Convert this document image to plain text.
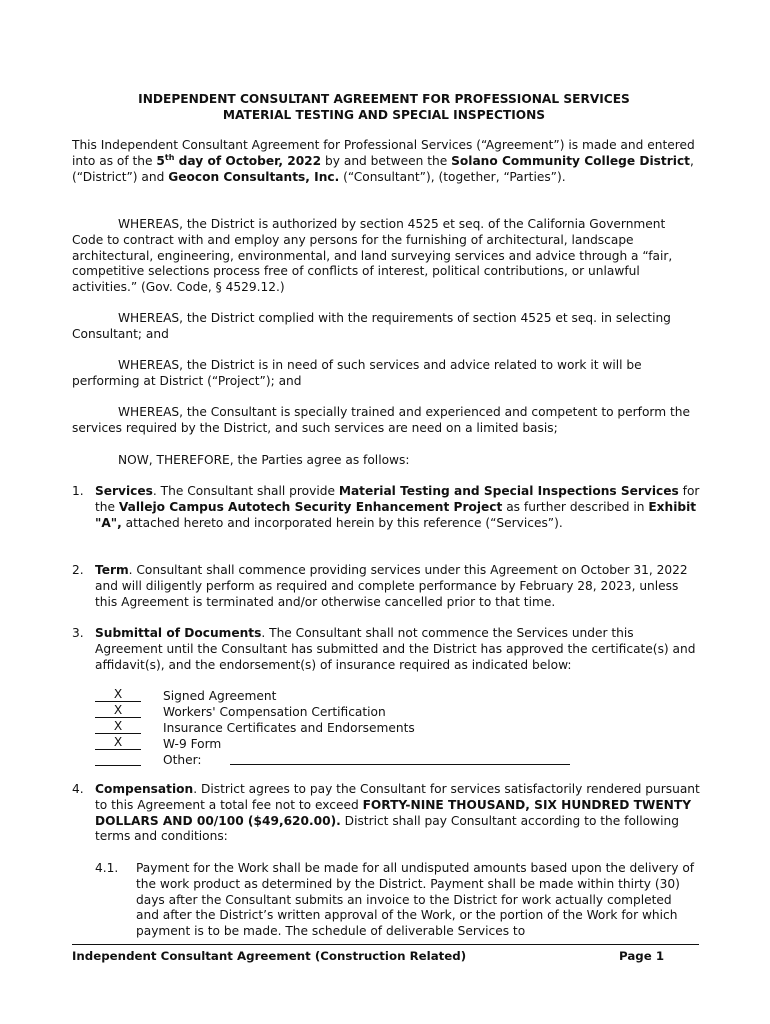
INDEPENDENT CONSULTANT AGREEMENT FOR PROFESSIONAL SERVICES
MATERIAL TESTING AND SPECIAL INSPECTIONS
This Independent Consultant Agreement for Professional Services (“Agreement”) is made and entered into as of the 5th day of October, 2022 by and between the Solano Community College District, (“District”) and Geocon Consultants, Inc. (“Consultant”), (together, “Parties”).
WHEREAS, the District is authorized by section 4525 et seq. of the California Government Code to contract with and employ any persons for the furnishing of architectural, landscape architectural, engineering, environmental, and land surveying services and advice through a “fair, competitive selections process free of conflicts of interest, political contributions, or unlawful activities.” (Gov. Code, § 4529.12.)
WHEREAS, the District complied with the requirements of section 4525 et seq. in selecting Consultant; and
WHEREAS, the District is in need of such services and advice related to work it will be performing at District (“Project”); and
WHEREAS, the Consultant is specially trained and experienced and competent to perform the services required by the District, and such services are need on a limited basis;
NOW, THEREFORE, the Parties agree as follows:
1. Services. The Consultant shall provide Material Testing and Special Inspections Services for the Vallejo Campus Autotech Security Enhancement Project as further described in Exhibit "A", attached hereto and incorporated herein by this reference (“Services”).
2. Term. Consultant shall commence providing services under this Agreement on October 31, 2022 and will diligently perform as required and complete performance by February 28, 2023, unless this Agreement is terminated and/or otherwise cancelled prior to that time.
3. Submittal of Documents. The Consultant shall not commence the Services under this Agreement until the Consultant has submitted and the District has approved the certificate(s) and affidavit(s), and the endorsement(s) of insurance required as indicated below:
X	Signed Agreement
X	Workers' Compensation Certification
X	Insurance Certificates and Endorsements
X	W-9 Form
Other:
4. Compensation. District agrees to pay the Consultant for services satisfactorily rendered pursuant to this Agreement a total fee not to exceed FORTY-NINE THOUSAND, SIX HUNDRED TWENTY DOLLARS AND 00/100 ($49,620.00). District shall pay Consultant according to the following terms and conditions:
4.1. Payment for the Work shall be made for all undisputed amounts based upon the delivery of the work product as determined by the District. Payment shall be made within thirty (30) days after the Consultant submits an invoice to the District for work actually completed and after the District’s written approval of the Work, or the portion of the Work for which payment is to be made. The schedule of deliverable Services to
Independent Consultant Agreement (Construction Related)	Page 1
